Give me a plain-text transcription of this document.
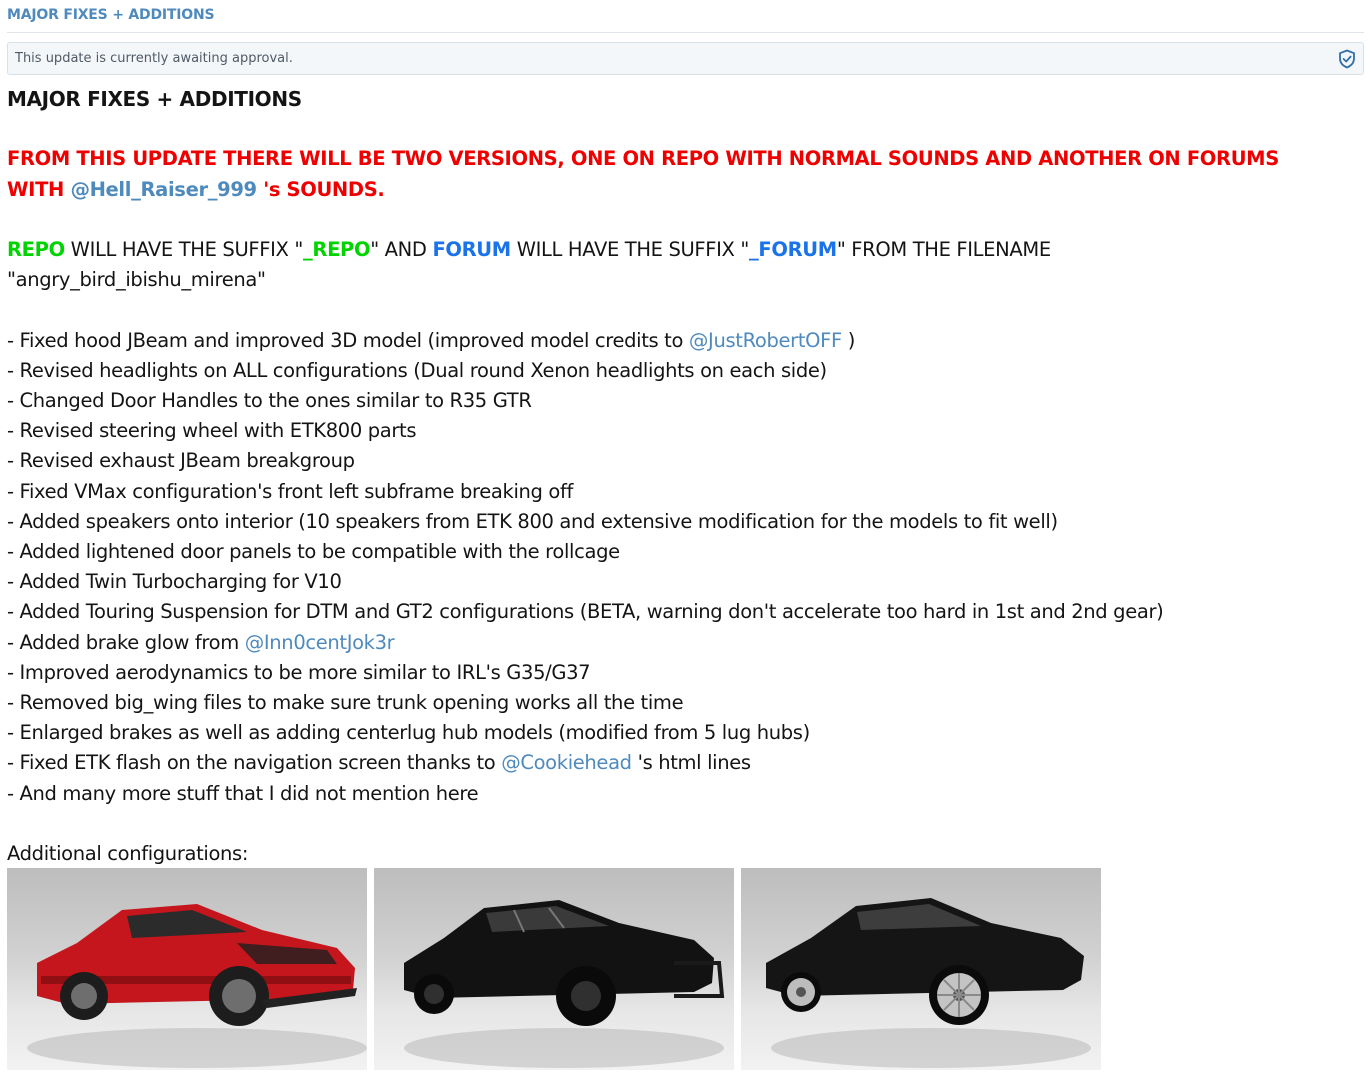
MAJOR FIXES + ADDITIONS
This update is currently awaiting approval.
MAJOR FIXES + ADDITIONS
FROM THIS UPDATE THERE WILL BE TWO VERSIONS, ONE ON REPO WITH NORMAL SOUNDS AND ANOTHER ON FORUMS
WITH @Hell_Raiser_999 's SOUNDS.
REPO WILL HAVE THE SUFFIX "_REPO" AND FORUM WILL HAVE THE SUFFIX "_FORUM" FROM THE FILENAME
"angry_bird_ibishu_mirena"
- Fixed hood JBeam and improved 3D model (improved model credits to @JustRobertOFF )
- Revised headlights on ALL configurations (Dual round Xenon headlights on each side)
- Changed Door Handles to the ones similar to R35 GTR
- Revised steering wheel with ETK800 parts
- Revised exhaust JBeam breakgroup
- Fixed VMax configuration's front left subframe breaking off
- Added speakers onto interior (10 speakers from ETK 800 and extensive modification for the models to fit well)
- Added lightened door panels to be compatible with the rollcage
- Added Twin Turbocharging for V10
- Added Touring Suspension for DTM and GT2 configurations (BETA, warning don't accelerate too hard in 1st and 2nd gear)
- Added brake glow from @Inn0centJok3r
- Improved aerodynamics to be more similar to IRL's G35/G37
- Removed big_wing files to make sure trunk opening works all the time
- Enlarged brakes as well as adding centerlug hub models (modified from 5 lug hubs)
- Fixed ETK flash on the navigation screen thanks to @Cookiehead 's html lines
- And many more stuff that I did not mention here
Additional configurations:
